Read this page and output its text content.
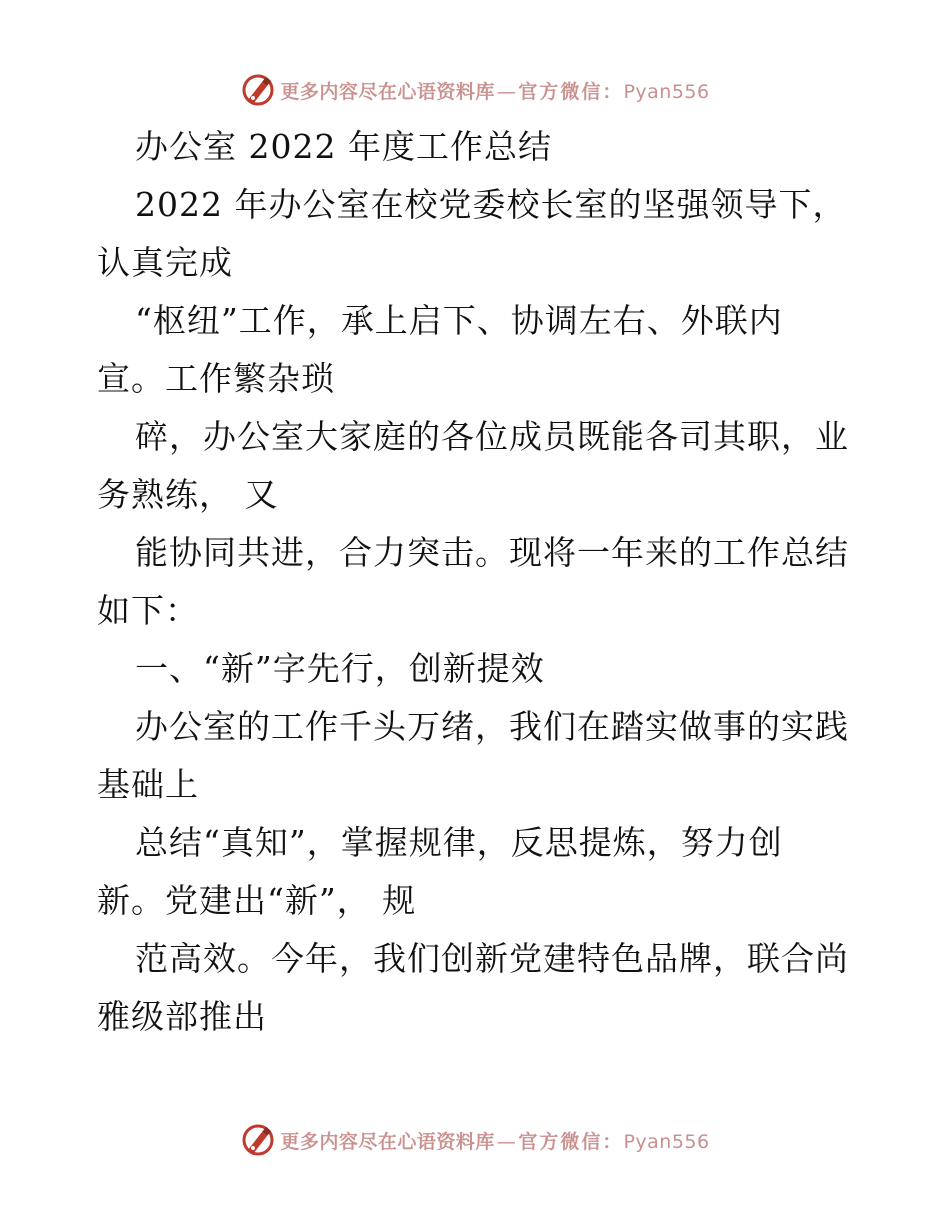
更多内容尽在心语资料库 — 官方微信：Pyan556
办公室 2022 年度工作总结
2022 年办公室在校党委校长室的坚强领导下，
认真完成
“枢纽”工作，承上启下、协调左右、外联内
宣。工作繁杂琐
碎，办公室大家庭的各位成员既能各司其职，业
务熟练， 又
能协同共进，合力突击。现将一年来的工作总结
如下：
一、“新”字先行，创新提效
办公室的工作千头万绪，我们在踏实做事的实践
基础上
总结“真知”，掌握规律，反思提炼，努力创
新。党建出“新”， 规
范高效。今年，我们创新党建特色品牌，联合尚
雅级部推出
更多内容尽在心语资料库 — 官方微信：Pyan556
